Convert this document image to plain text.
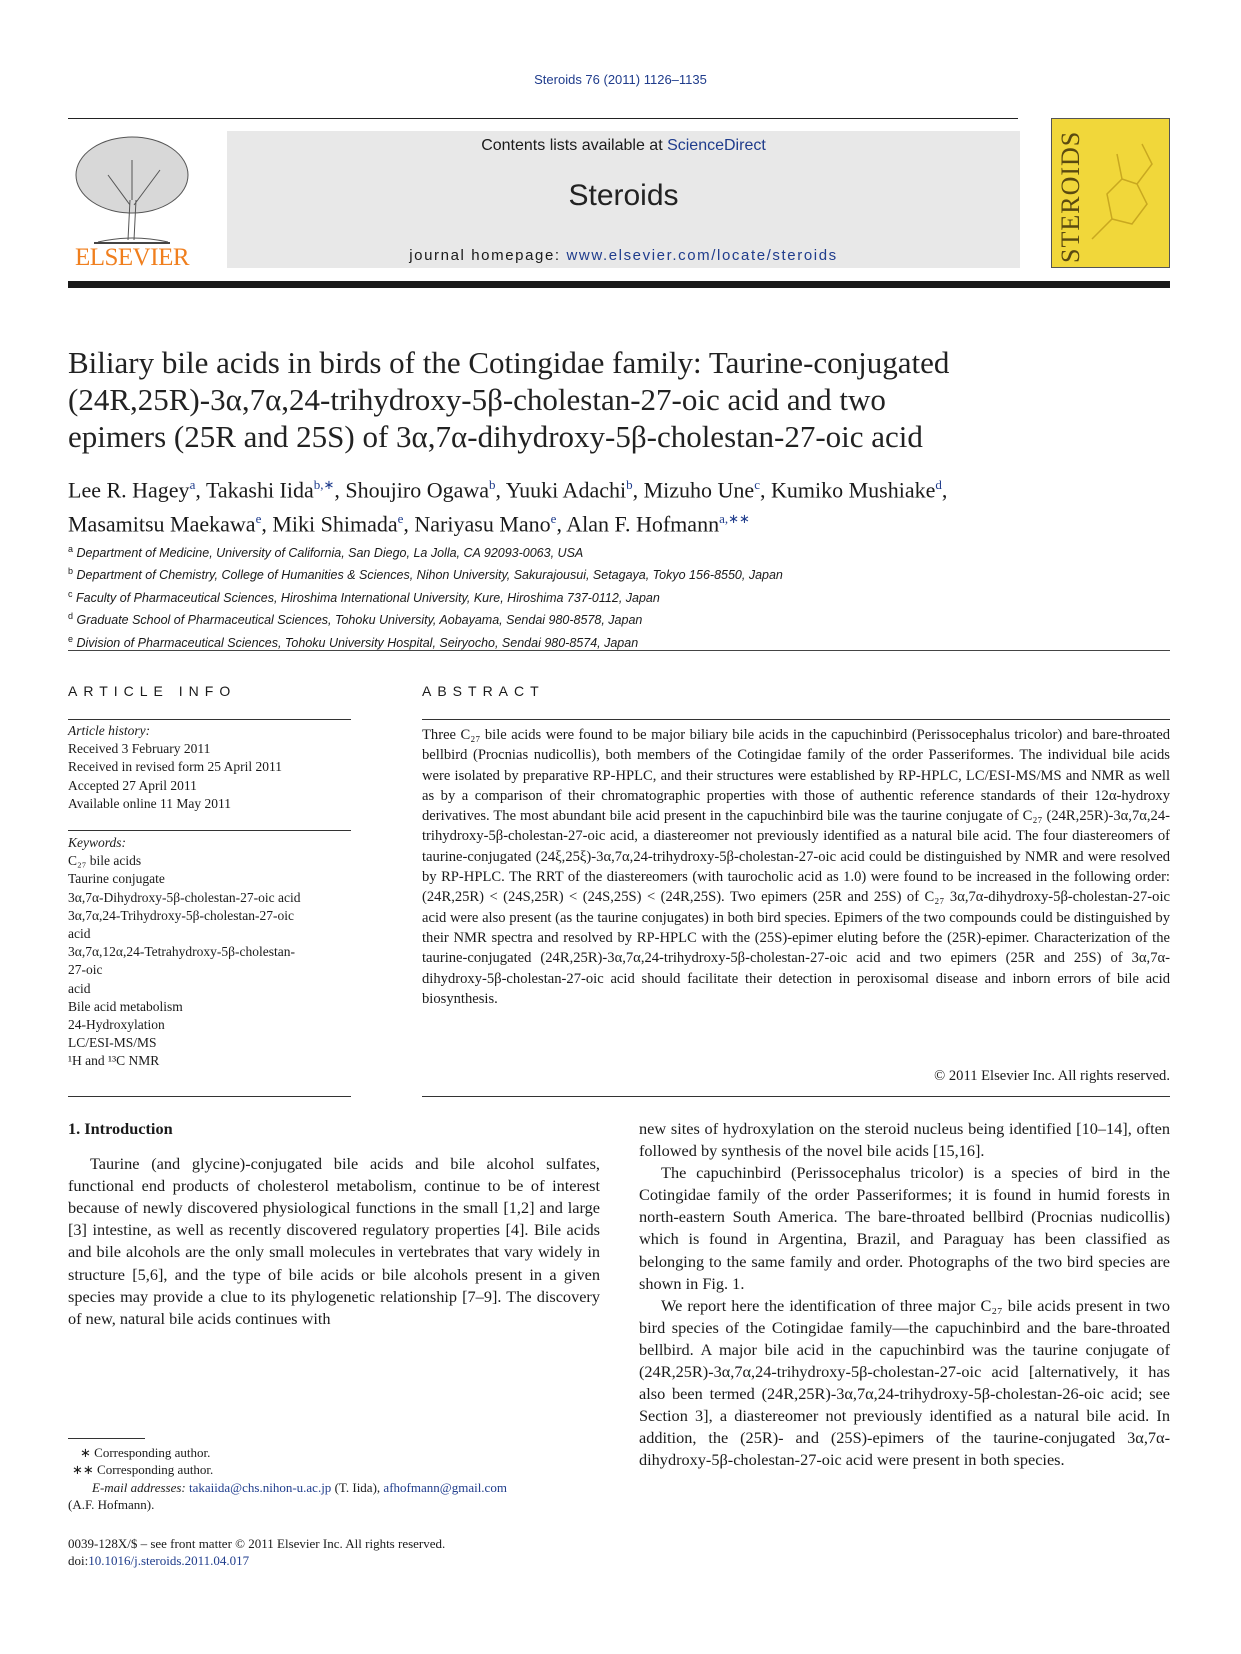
Steroids 76 (2011) 1126–1135
ELSEVIER
Contents lists available at ScienceDirect
Steroids
journal homepage: www.elsevier.com/locate/steroids	STEROIDS
Biliary bile acids in birds of the Cotingidae family: Taurine-conjugated
(24R,25R)-3α,7α,24-trihydroxy-5β-cholestan-27-oic acid and two
epimers (25R and 25S) of 3α,7α-dihydroxy-5β-cholestan-27-oic acid
Lee R. Hagey$^a$, Takashi Iida$^{b,∗}$, Shoujiro Ogawa$^b$, Yuuki Adachi$^b$, Mizuho Une$^c$, Kumiko Mushiake$^d$,
Masamitsu Maekawa$^e$, Miki Shimada$^e$, Nariyasu Mano$^e$, Alan F. Hofmann$^{a,∗∗}$
$^a$ Department of Medicine, University of California, San Diego, La Jolla, CA 92093-0063, USA
$^b$ Department of Chemistry, College of Humanities & Sciences, Nihon University, Sakurajousui, Setagaya, Tokyo 156-8550, Japan
$^c$ Faculty of Pharmaceutical Sciences, Hiroshima International University, Kure, Hiroshima 737-0112, Japan
$^d$ Graduate School of Pharmaceutical Sciences, Tohoku University, Aobayama, Sendai 980-8578, Japan
$^e$ Division of Pharmaceutical Sciences, Tohoku University Hospital, Seiryocho, Sendai 980-8574, Japan
ARTICLE INFO	ABSTRACT
Article history:
Received 3 February 2011
Received in revised form 25 April 2011
Accepted 27 April 2011
Available online 11 May 2011
Keywords:
C₂₇ bile acids
Taurine conjugate
3α,7α-Dihydroxy-5β-cholestan-27-oic acid
3α,7α,24-Trihydroxy-5β-cholestan-27-oic
acid
3α,7α,12α,24-Tetrahydroxy-5β-cholestan-
27-oic
acid
Bile acid metabolism
24-Hydroxylation
LC/ESI-MS/MS
¹H and ¹³C NMR
Three C₂₇ bile acids were found to be major biliary bile acids in the capuchinbird (Perissocephalus tricolor) and bare-throated bellbird (Procnias nudicollis), both members of the Cotingidae family of the order Passeriformes. The individual bile acids were isolated by preparative RP-HPLC, and their structures were established by RP-HPLC, LC/ESI-MS/MS and NMR as well as by a comparison of their chromatographic properties with those of authentic reference standards of their 12α-hydroxy derivatives. The most abundant bile acid present in the capuchinbird bile was the taurine conjugate of C₂₇ (24R,25R)-3α,7α,24-trihydroxy-5β-cholestan-27-oic acid, a diastereomer not previously identified as a natural bile acid. The four diastereomers of taurine-conjugated (24ξ,25ξ)-3α,7α,24-trihydroxy-5β-cholestan-27-oic acid could be distinguished by NMR and were resolved by RP-HPLC. The RRT of the diastereomers (with taurocholic acid as 1.0) were found to be increased in the following order: (24R,25R) < (24S,25R) < (24S,25S) < (24R,25S). Two epimers (25R and 25S) of C₂₇ 3α,7α-dihydroxy-5β-cholestan-27-oic acid were also present (as the taurine conjugates) in both bird species. Epimers of the two compounds could be distinguished by their NMR spectra and resolved by RP-HPLC with the (25S)-epimer eluting before the (25R)-epimer. Characterization of the taurine-conjugated (24R,25R)-3α,7α,24-trihydroxy-5β-cholestan-27-oic acid and two epimers (25R and 25S) of 3α,7α-dihydroxy-5β-cholestan-27-oic acid should facilitate their detection in peroxisomal disease and inborn errors of bile acid biosynthesis.
© 2011 Elsevier Inc. All rights reserved.
1. Introduction

Taurine (and glycine)-conjugated bile acids and bile alcohol sulfates, functional end products of cholesterol metabolism, continue to be of interest because of newly discovered physiological functions in the small [1,2] and large [3] intestine, as well as recently discovered regulatory properties [4]. Bile acids and bile alcohols are the only small molecules in vertebrates that vary widely in structure [5,6], and the type of bile acids or bile alcohols present in a given species may provide a clue to its phylogenetic relationship [7–9]. The discovery of new, natural bile acids continues with

new sites of hydroxylation on the steroid nucleus being identified [10–14], often followed by synthesis of the novel bile acids [15,16].

The capuchinbird (Perissocephalus tricolor) is a species of bird in the Cotingidae family of the order Passeriformes; it is found in humid forests in north-eastern South America. The bare-throated bellbird (Procnias nudicollis) which is found in Argentina, Brazil, and Paraguay has been classified as belonging to the same family and order. Photographs of the two bird species are shown in Fig. 1.

We report here the identification of three major C₂₇ bile acids present in two bird species of the Cotingidae family—the capuchinbird and the bare-throated bellbird. A major bile acid in the capuchinbird was the taurine conjugate of (24R,25R)-3α,7α,24-trihydroxy-5β-cholestan-27-oic acid [alternatively, it has also been termed (24R,25R)-3α,7α,24-trihydroxy-5β-cholestan-26-oic acid; see Section 3], a diastereomer not previously identified as a natural bile acid. In addition, the (25R)- and (25S)-epimers of the taurine-conjugated 3α,7α-dihydroxy-5β-cholestan-27-oic acid were present in both species.

∗ Corresponding author.
∗∗ Corresponding author.
E-mail addresses: takaiida@chs.nihon-u.ac.jp (T. Iida), afhofmann@gmail.com
(A.F. Hofmann).
0039-128X/$ – see front matter © 2011 Elsevier Inc. All rights reserved.
doi:10.1016/j.steroids.2011.04.017
